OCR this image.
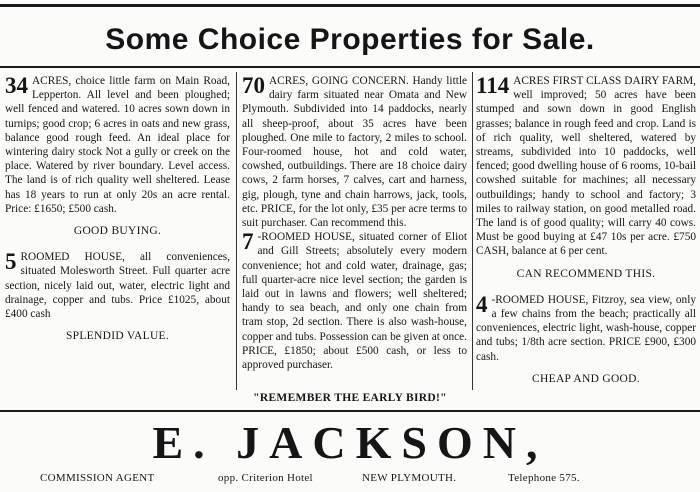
Some Choice Properties for Sale.

34 ACRES, choice little farm on Main Road, Lepperton. All level and been ploughed; well fenced and watered. 10 acres sown down in turnips; good crop; 6 acres in oats and new grass, balance good rough feed. An ideal place for wintering dairy stock Not a gully or creek on the place. Watered by river boundary. Level access. The land is of rich quality well sheltered. Lease has 18 years to run at only 20s an acre rental. Price: £1650; £500 cash.

GOOD BUYING.

5 ROOMED HOUSE, all conveniences, situated Molesworth Street. Full quarter acre section, nicely laid out, water, electric light and drainage, copper and tubs. Price £1025, about £400 cash

SPLENDID VALUE.

70 ACRES, GOING CONCERN. Handy little dairy farm situated near Omata and New Plymouth. Subdivided into 14 paddocks, nearly all sheep-proof, about 35 acres have been ploughed. One mile to factory, 2 miles to school. Four-roomed house, hot and cold water, cowshed, outbuildings. There are 18 choice dairy cows, 2 farm horses, 7 calves, cart and harness, gig, plough, tyne and chain harrows, jack, tools, etc. PRICE, for the lot only, £35 per acre terms to suit purchaser. Can recommend this.

7 -ROOMED HOUSE, situated corner of Eliot and Gill Streets; absolutely every modern convenience; hot and cold water, drainage, gas; full quarter-acre nice level section; the garden is laid out in lawns and flowers; well sheltered; handy to sea beach, and only one chain from tram stop, 2d section. There is also wash-house, copper and tubs. Possession can be given at once. PRICE, £1850; about £500 cash, or less to approved purchaser.

114 ACRES FIRST CLASS DAIRY FARM, well improved; 50 acres have been stumped and sown down in good English grasses; balance in rough feed and crop. Land is of rich quality, well sheltered, watered by streams, subdivided into 10 paddocks, well fenced; good dwelling house of 6 rooms, 10-bail cowshed suitable for machines; all necessary outbuildings; handy to school and factory; 3 miles to railway station, on good metalled road. The land is of good quality; will carry 40 cows. Must be good buying at £47 10s per acre. £750 CASH, balance at 6 per cent.

CAN RECOMMEND THIS.

4 -ROOMED HOUSE, Fitzroy, sea view, only a few chains from the beach; practically all conveniences, electric light, wash-house, copper and tubs; 1/8th acre section. PRICE £900, £300 cash.

CHEAP AND GOOD.
"REMEMBER THE EARLY BIRD!"
E. JACKSON,
COMMISSION AGENT	opp. Criterion Hotel	NEW PLYMOUTH.	Telephone 575.
